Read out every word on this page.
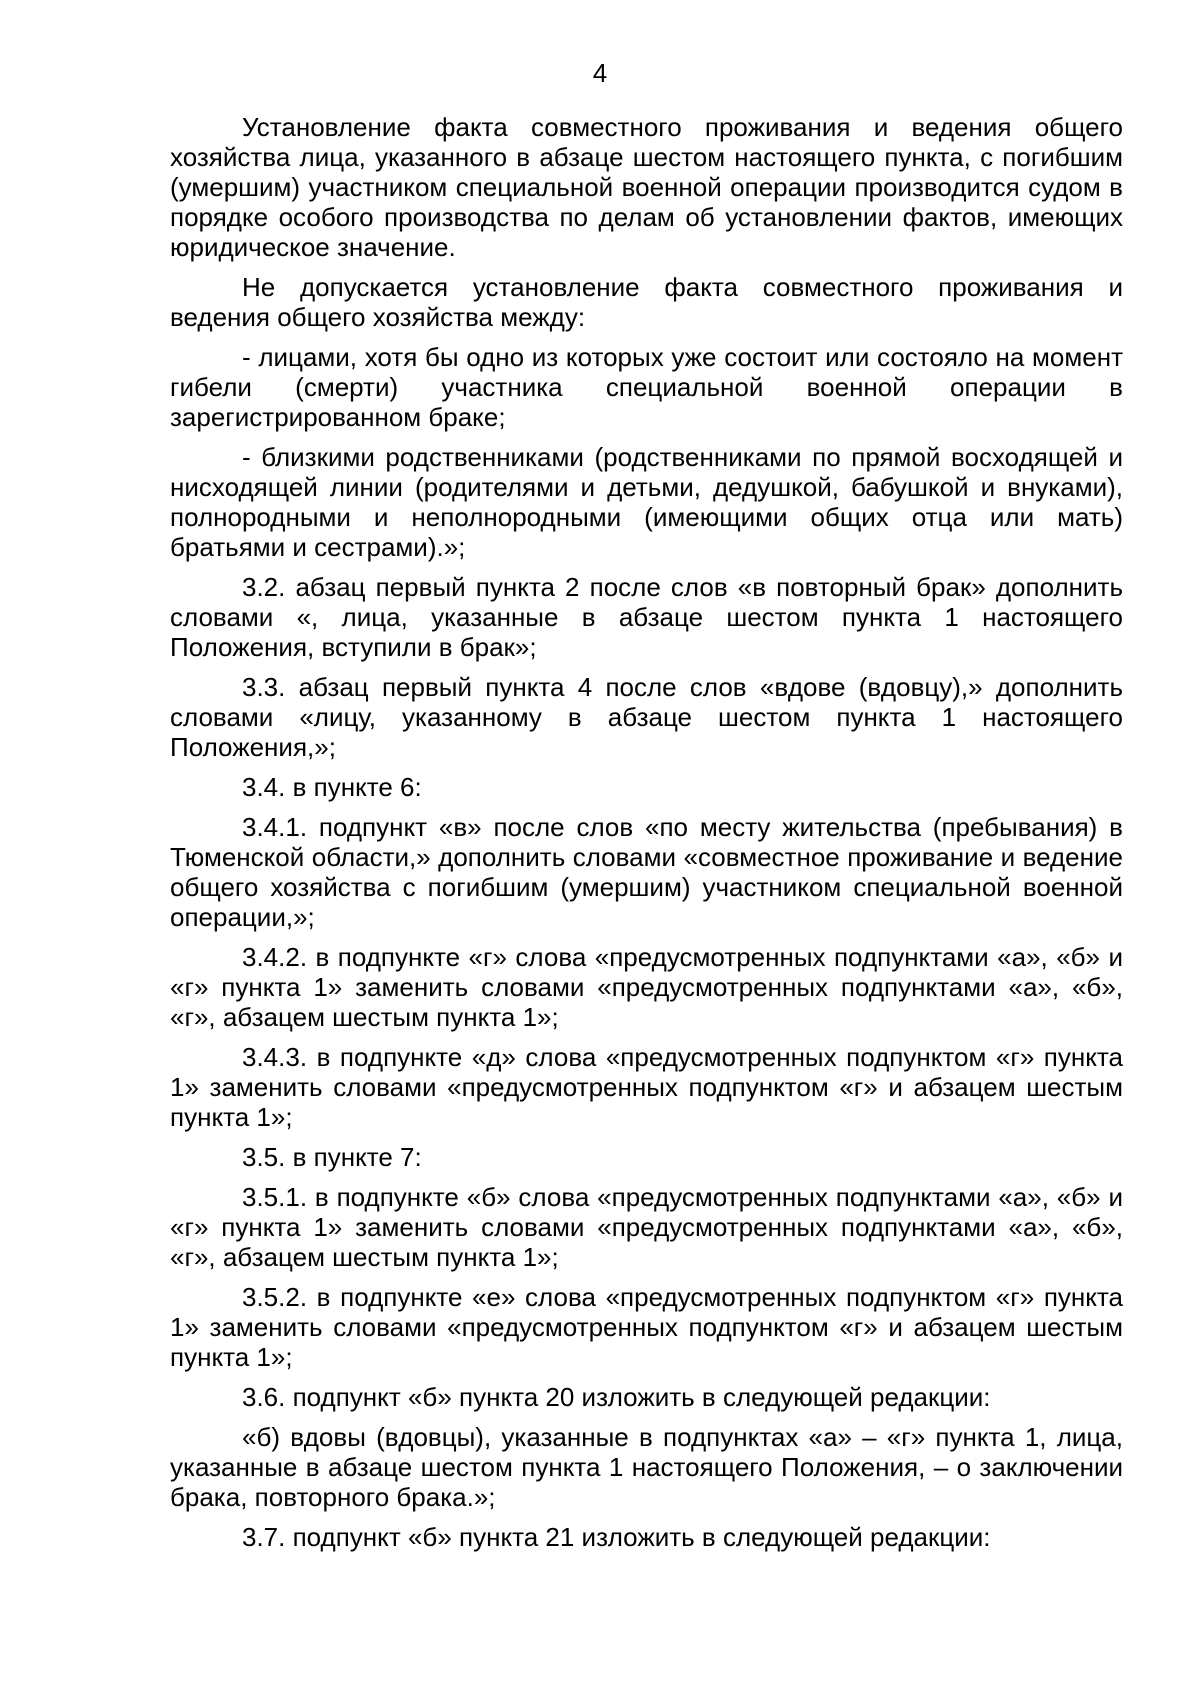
4

Установление факта совместного проживания и ведения общего хозяйства лица, указанного в абзаце шестом настоящего пункта, с погибшим (умершим) участником специальной военной операции производится судом в порядке особого производства по делам об установлении фактов, имеющих юридическое значение.

Не допускается установление факта совместного проживания и ведения общего хозяйства между:

- лицами, хотя бы одно из которых уже состоит или состояло на момент гибели (смерти) участника специальной военной операции в зарегистрированном браке;

- близкими родственниками (родственниками по прямой восходящей и нисходящей линии (родителями и детьми, дедушкой, бабушкой и внуками), полнородными и неполнородными (имеющими общих отца или мать) братьями и сестрами).»;

3.2. абзац первый пункта 2 после слов «в повторный брак» дополнить словами «, лица, указанные в абзаце шестом пункта 1 настоящего Положения, вступили в брак»;

3.3. абзац первый пункта 4 после слов «вдове (вдовцу),» дополнить словами «лицу, указанному в абзаце шестом пункта 1 настоящего Положения,»;

3.4. в пункте 6:

3.4.1. подпункт «в» после слов «по месту жительства (пребывания) в Тюменской области,» дополнить словами «совместное проживание и ведение общего хозяйства с погибшим (умершим) участником специальной военной операции,»;

3.4.2. в подпункте «г» слова «предусмотренных подпунктами «а», «б» и «г» пункта 1» заменить словами «предусмотренных подпунктами «а», «б», «г», абзацем шестым пункта 1»;

3.4.3. в подпункте «д» слова «предусмотренных подпунктом «г» пункта 1» заменить словами «предусмотренных подпунктом «г» и абзацем шестым пункта 1»;

3.5. в пункте 7:

3.5.1. в подпункте «б» слова «предусмотренных подпунктами «а», «б» и «г» пункта 1» заменить словами «предусмотренных подпунктами «а», «б», «г», абзацем шестым пункта 1»;

3.5.2. в подпункте «е» слова «предусмотренных подпунктом «г» пункта 1» заменить словами «предусмотренных подпунктом «г» и абзацем шестым пункта 1»;

3.6. подпункт «б» пункта 20 изложить в следующей редакции:

«б) вдовы (вдовцы), указанные в подпунктах «а» – «г» пункта 1, лица, указанные в абзаце шестом пункта 1 настоящего Положения, – о заключении брака, повторного брака.»;

3.7. подпункт «б» пункта 21 изложить в следующей редакции:
